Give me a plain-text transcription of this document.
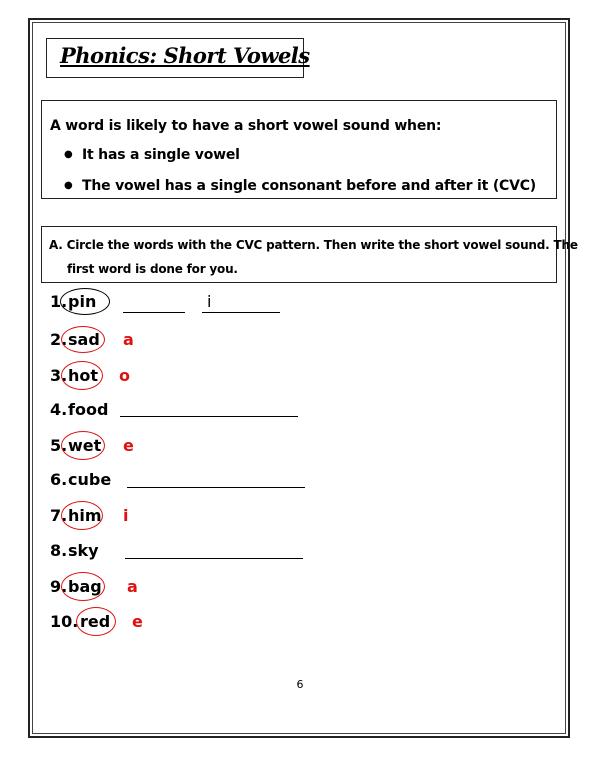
Phonics: Short Vowels
A word is likely to have a short vowel sound when:
● It has a single vowel
● The vowel has a single consonant before and after it (CVC)
A. Circle the words with the CVC pattern. Then write the short vowel sound. The
first word is done for you.
1. pin	i
2. sad a
3. hot o
4. food
5. wet e
6. cube
7. him i
8. sky
9. bag a
10. red e
6
